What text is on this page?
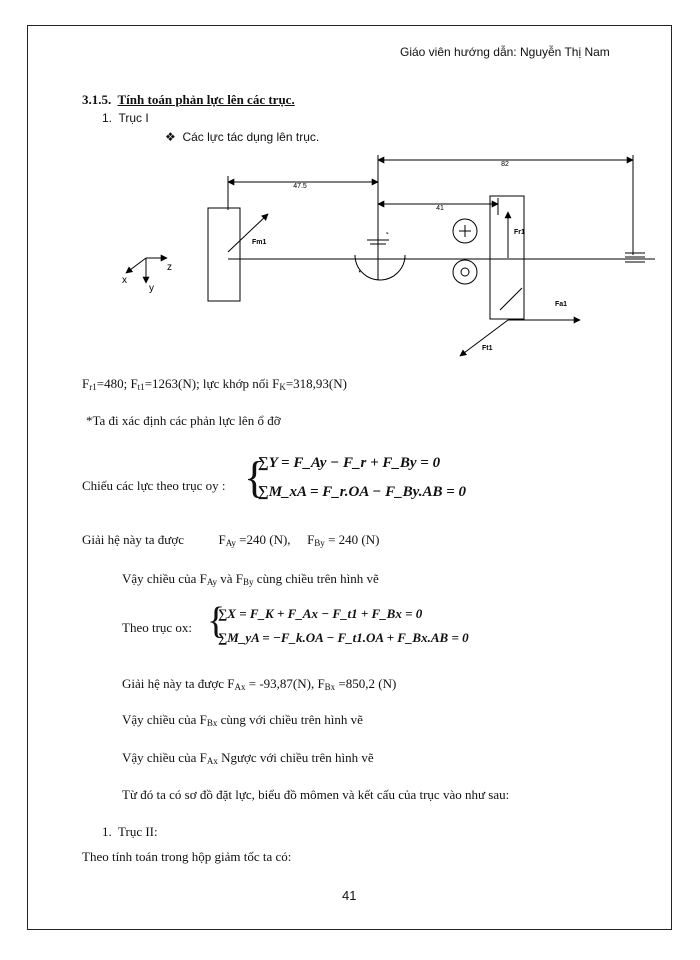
Giáo viên hướng dẫn: Nguyễn Thị Nam
3.1.5. Tính toán phản lực lên các trục.
1. Trục I
❖ Các lực tác dụng lên trục.
82
47.5
41
Fm1
Fr1
Fa1
Ft1
z
y
x
$F_{r1}=480$; $F_{t1}=1263(N)$; lực khớp nối $F_K=318,93(N)$
*Ta đi xác định các phản lực lên ổ đỡ
Chiếu các lực theo trục oy : {
∑Y = F_Ay − F_r + F_By = 0
∑M_xA = F_r.OA − F_By.AB = 0
Giải hệ này ta được	$F_{Ay} =240$ (N), $F_{By} = 240$ (N)
Vậy chiều của $F_{Ay}$ và $F_{By}$ cùng chiều trên hình vẽ
Theo trục ox: {
∑X = F_K + F_Ax − F_t1 + F_Bx = 0
∑M_yA = −F_k.OA − F_t1.OA + F_Bx.AB = 0
Giải hệ này ta được $F_{Ax} = -93,87(N)$, $F_{Bx} =850,2$ (N)
Vậy chiều của $F_{Bx}$ cùng với chiều trên hình vẽ
Vậy chiều của $F_{Ax}$ Ngược với chiều trên hình vẽ
Từ đó ta có sơ đồ đặt lực, biểu đồ mômen và kết cấu của trục vào như sau:
1. Trục II:
Theo tính toán trong hộp giảm tốc ta có:
41
